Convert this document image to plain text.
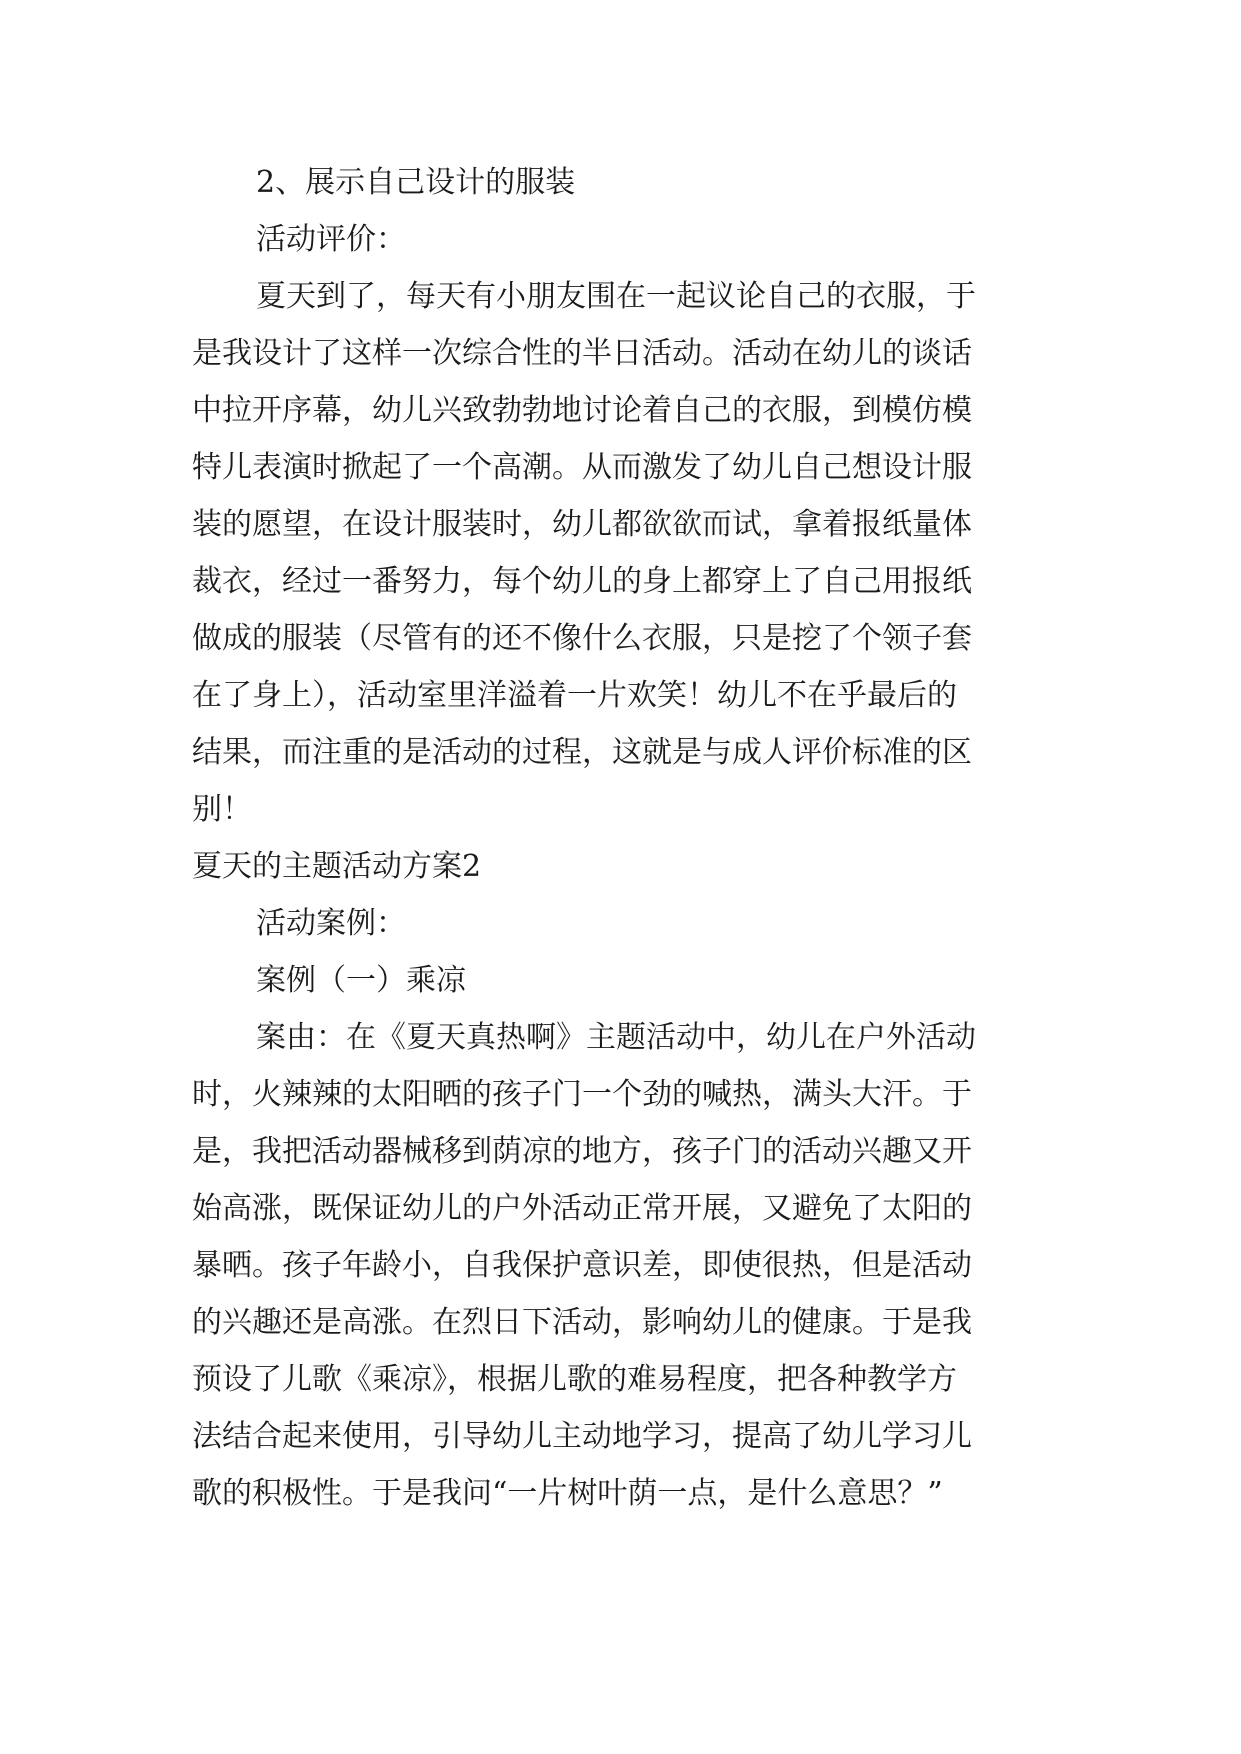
2、展示自己设计的服装

活动评价：

夏天到了，每天有小朋友围在一起议论自己的衣服，于

是我设计了这样一次综合性的半日活动。活动在幼儿的谈话

中拉开序幕，幼儿兴致勃勃地讨论着自己的衣服，到模仿模

特儿表演时掀起了一个高潮。从而激发了幼儿自己想设计服

装的愿望，在设计服装时，幼儿都欲欲而试，拿着报纸量体

裁衣，经过一番努力，每个幼儿的身上都穿上了自己用报纸

做成的服装（尽管有的还不像什么衣服，只是挖了个领子套

在了身上），活动室里洋溢着一片欢笑！幼儿不在乎最后的

结果，而注重的是活动的过程，这就是与成人评价标准的区

别！

夏天的主题活动方案2

活动案例：

案例（一）乘凉

案由：在《夏天真热啊》主题活动中，幼儿在户外活动

时，火辣辣的太阳晒的孩子门一个劲的喊热，满头大汗。于

是，我把活动器械移到荫凉的地方，孩子门的活动兴趣又开

始高涨，既保证幼儿的户外活动正常开展，又避免了太阳的

暴晒。孩子年龄小，自我保护意识差，即使很热，但是活动

的兴趣还是高涨。在烈日下活动，影响幼儿的健康。于是我

预设了儿歌《乘凉》，根据儿歌的难易程度，把各种教学方

法结合起来使用，引导幼儿主动地学习，提高了幼儿学习儿

歌的积极性。于是我问“一片树叶荫一点，是什么意思？”
